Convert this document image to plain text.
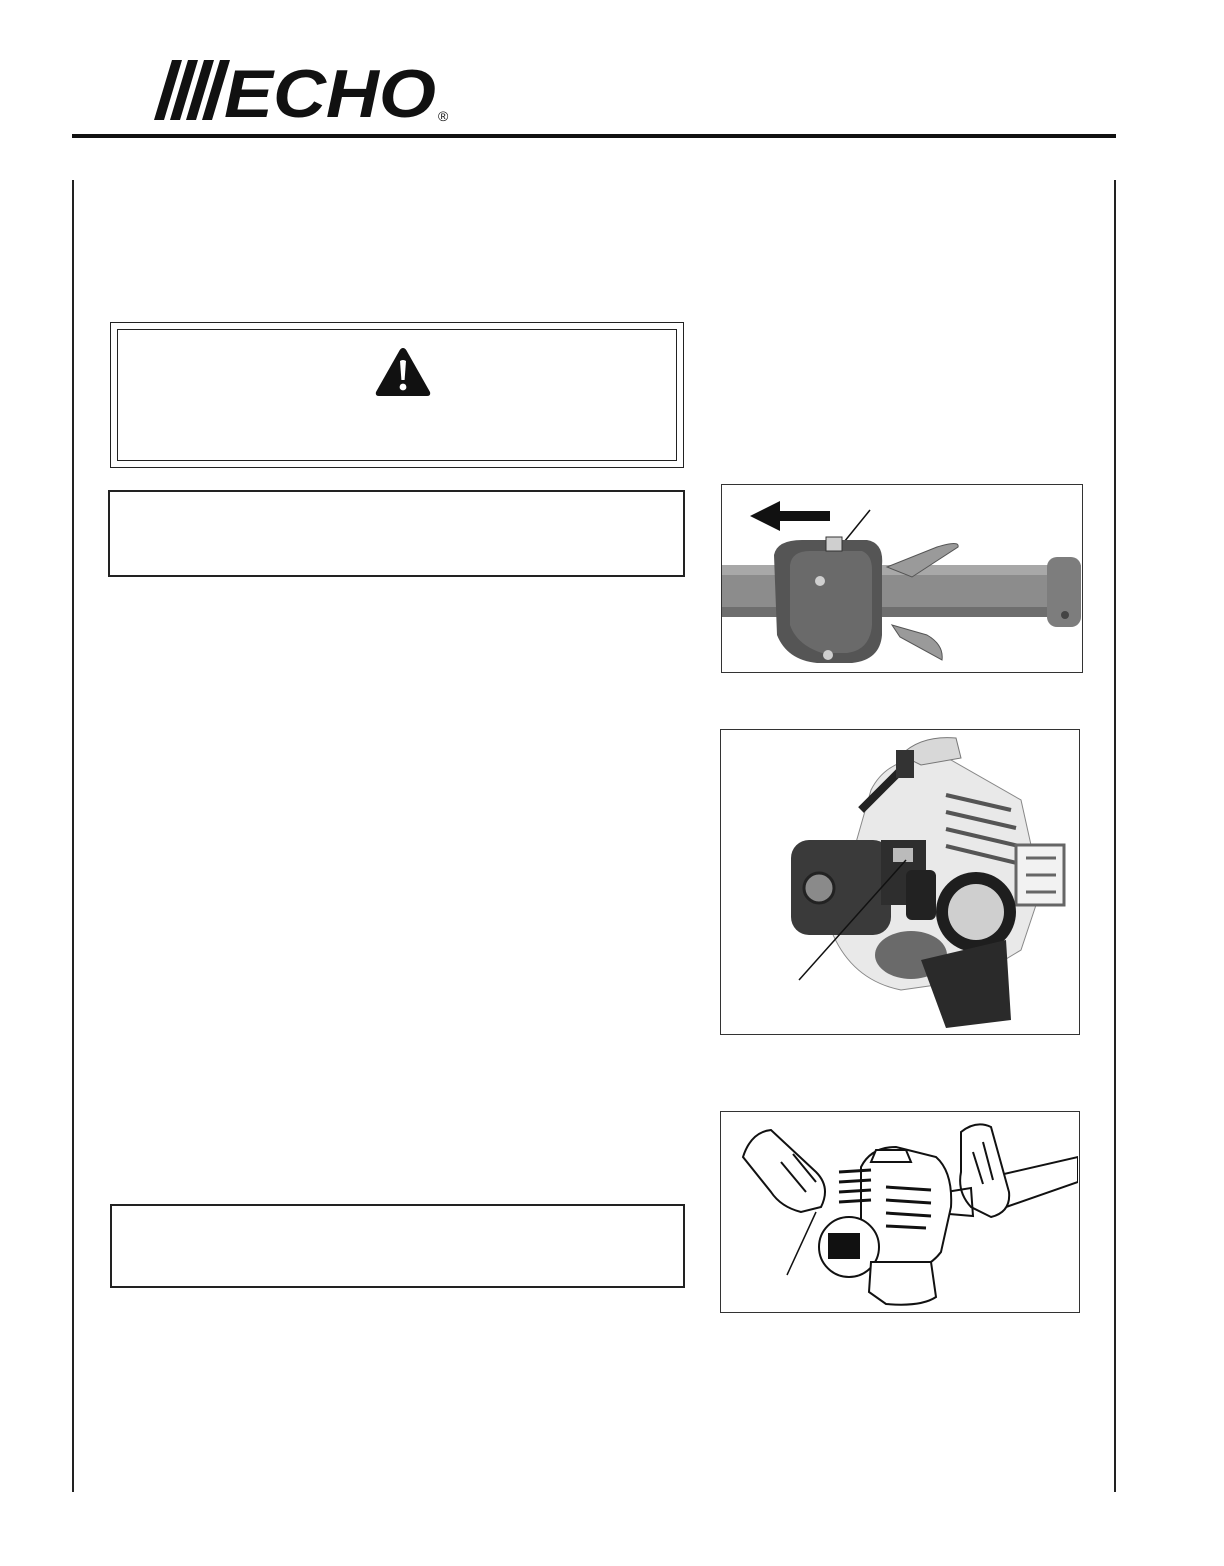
ECHO ®
